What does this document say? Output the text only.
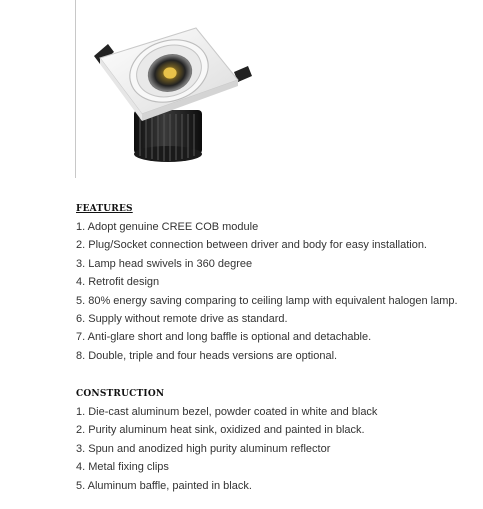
FEATURES
1. Adopt genuine CREE COB module
2. Plug/Socket connection between driver and body for easy installation.
3. Lamp head swivels in 360 degree
4. Retrofit design
5. 80% energy saving comparing to ceiling lamp with equivalent halogen lamp.
6. Supply without remote drive as standard.
7. Anti-glare short and long baffle is optional and detachable.
8. Double, triple and four heads versions are optional.
CONSTRUCTION
1. Die-cast aluminum bezel, powder coated in white and black
2. Purity aluminum heat sink, oxidized and painted in black.
3. Spun and anodized high purity aluminum reflector
4. Metal fixing clips
5. Aluminum baffle, painted in black.
